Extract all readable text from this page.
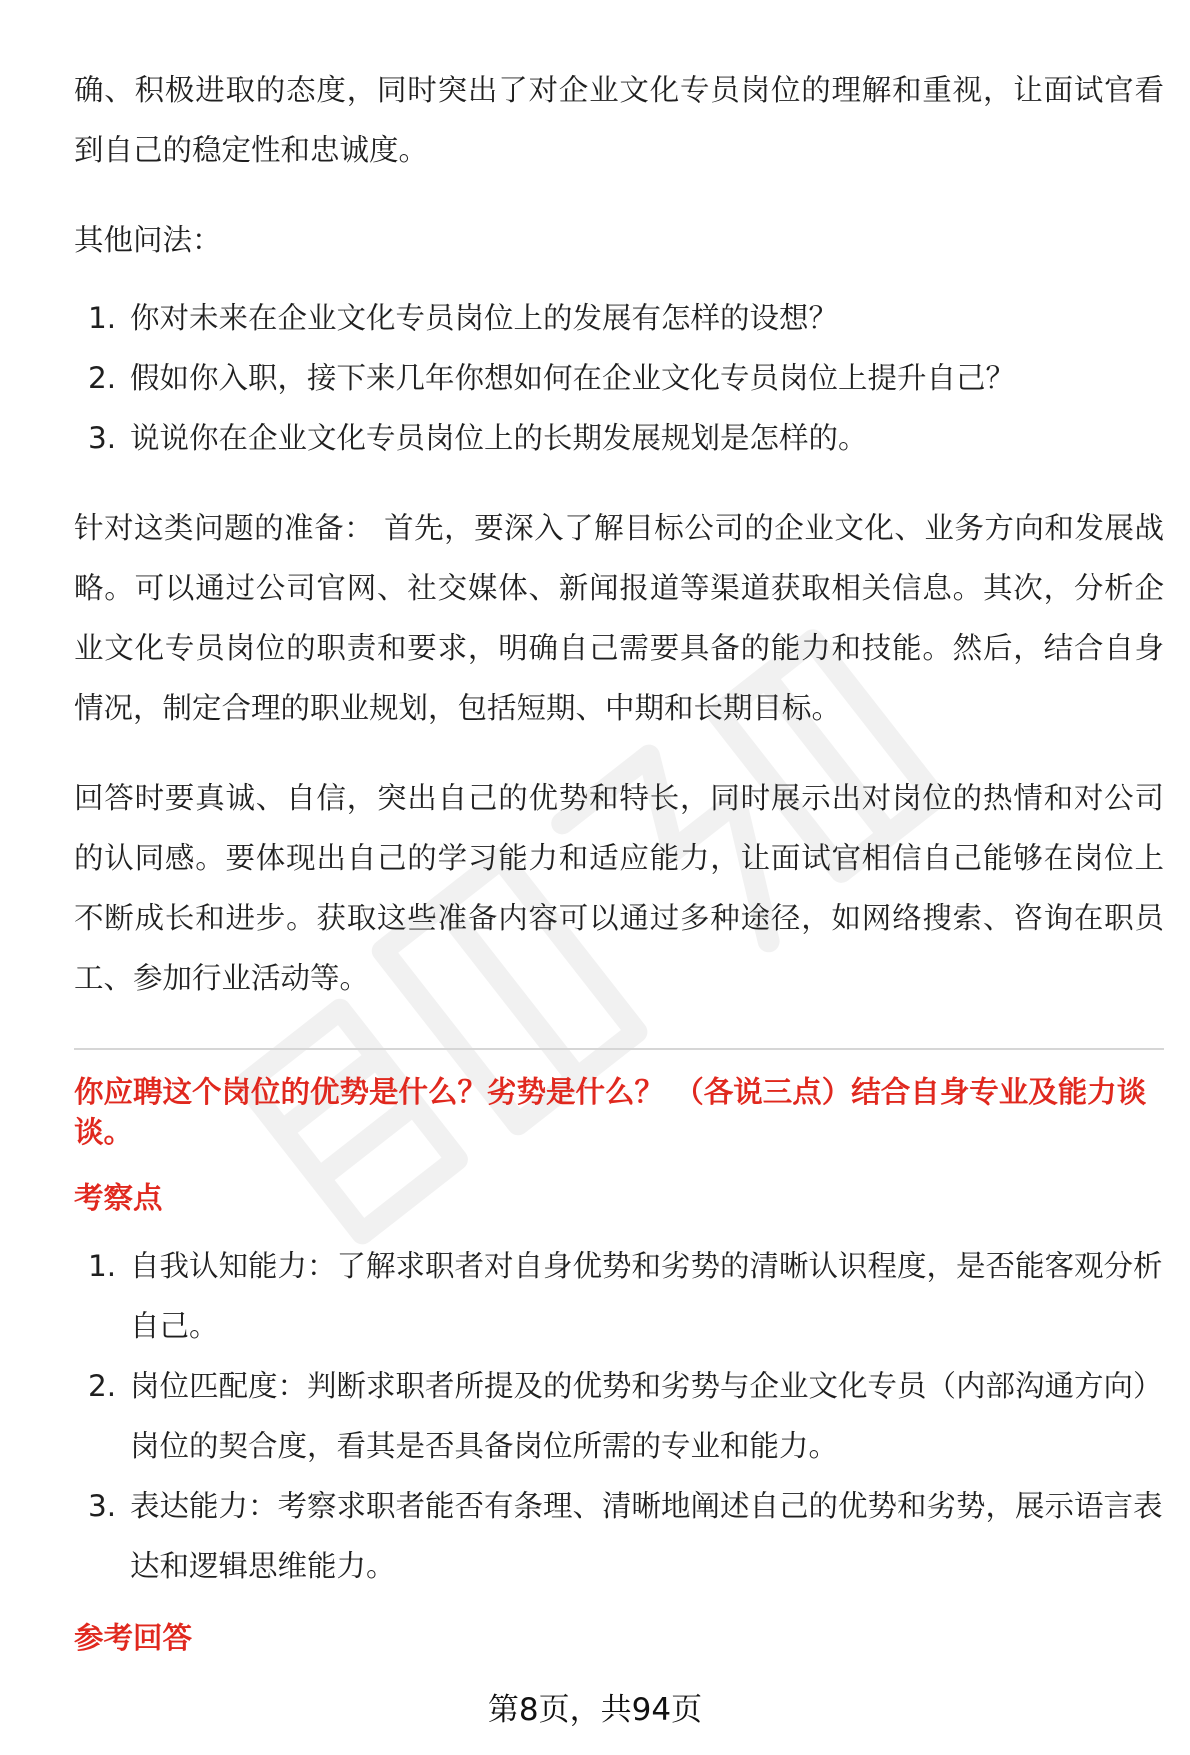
确、积极进取的态度，同时突出了对企业文化专员岗位的理解和重视，让面试官看到自己的稳定性和忠诚度。

其他问法：

1. 你对未来在企业文化专员岗位上的发展有怎样的设想？
2. 假如你入职，接下来几年你想如何在企业文化专员岗位上提升自己？
3. 说说你在企业文化专员岗位上的长期发展规划是怎样的。

针对这类问题的准备： 首先，要深入了解目标公司的企业文化、业务方向和发展战略。可以通过公司官网、社交媒体、新闻报道等渠道获取相关信息。其次，分析企业文化专员岗位的职责和要求，明确自己需要具备的能力和技能。然后，结合自身情况，制定合理的职业规划，包括短期、中期和长期目标。

回答时要真诚、自信，突出自己的优势和特长，同时展示出对岗位的热情和对公司的认同感。要体现出自己的学习能力和适应能力，让面试官相信自己能够在岗位上不断成长和进步。获取这些准备内容可以通过多种途径，如网络搜索、咨询在职员工、参加行业活动等。

你应聘这个岗位的优势是什么？劣势是什么？ （各说三点）结合自身专业及能力谈谈。

考察点

1. 自我认知能力：了解求职者对自身优势和劣势的清晰认识程度，是否能客观分析自己。
2. 岗位匹配度：判断求职者所提及的优势和劣势与企业文化专员（内部沟通方向）岗位的契合度，看其是否具备岗位所需的专业和能力。
3. 表达能力：考察求职者能否有条理、清晰地阐述自己的优势和劣势，展示语言表达和逻辑思维能力。

参考回答

第8页，共94页
